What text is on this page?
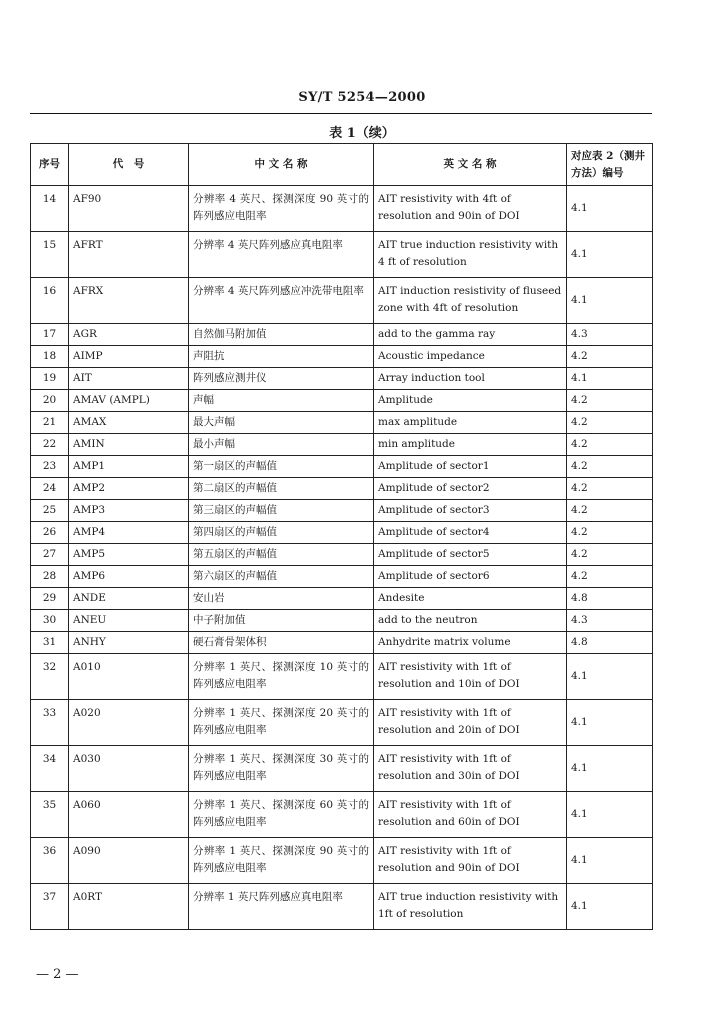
SY/T 5254—2000
表 1（续）
序号	代　号	中 文 名 称	英 文 名 称	对应表 2（测井方法）编号
14	AF90	分辨率 4 英尺、探测深度 90 英寸的阵列感应电阻率	AIT resistivity with 4ft of resolution and 90in of DOI	4.1
15	AFRT	分辨率 4 英尺阵列感应真电阻率	AIT true induction resistivity with 4 ft of resolution	4.1
16	AFRX	分辨率 4 英尺阵列感应冲洗带电阻率	AIT induction resistivity of fluseed zone with 4ft of resolution	4.1
17	AGR	自然伽马附加值	add to the gamma ray	4.3
18	AIMP	声阻抗	Acoustic impedance	4.2
19	AIT	阵列感应测井仪	Array induction tool	4.1
20	AMAV (AMPL)	声幅	Amplitude	4.2
21	AMAX	最大声幅	max amplitude	4.2
22	AMIN	最小声幅	min amplitude	4.2
23	AMP1	第一扇区的声幅值	Amplitude of sector1	4.2
24	AMP2	第二扇区的声幅值	Amplitude of sector2	4.2
25	AMP3	第三扇区的声幅值	Amplitude of sector3	4.2
26	AMP4	第四扇区的声幅值	Amplitude of sector4	4.2
27	AMP5	第五扇区的声幅值	Amplitude of sector5	4.2
28	AMP6	第六扇区的声幅值	Amplitude of sector6	4.2
29	ANDE	安山岩	Andesite	4.8
30	ANEU	中子附加值	add to the neutron	4.3
31	ANHY	硬石膏骨架体积	Anhydrite matrix volume	4.8
32	A010	分辨率 1 英尺、探测深度 10 英寸的阵列感应电阻率	AIT resistivity with 1ft of resolution and 10in of DOI	4.1
33	A020	分辨率 1 英尺、探测深度 20 英寸的阵列感应电阻率	AIT resistivity with 1ft of resolution and 20in of DOI	4.1
34	A030	分辨率 1 英尺、探测深度 30 英寸的阵列感应电阻率	AIT resistivity with 1ft of resolution and 30in of DOI	4.1
35	A060	分辨率 1 英尺、探测深度 60 英寸的阵列感应电阻率	AIT resistivity with 1ft of resolution and 60in of DOI	4.1
36	A090	分辨率 1 英尺、探测深度 90 英寸的阵列感应电阻率	AIT resistivity with 1ft of resolution and 90in of DOI	4.1
37	A0RT	分辨率 1 英尺阵列感应真电阻率	AIT true induction resistivity with 1ft of resolution	4.1
— 2 —
